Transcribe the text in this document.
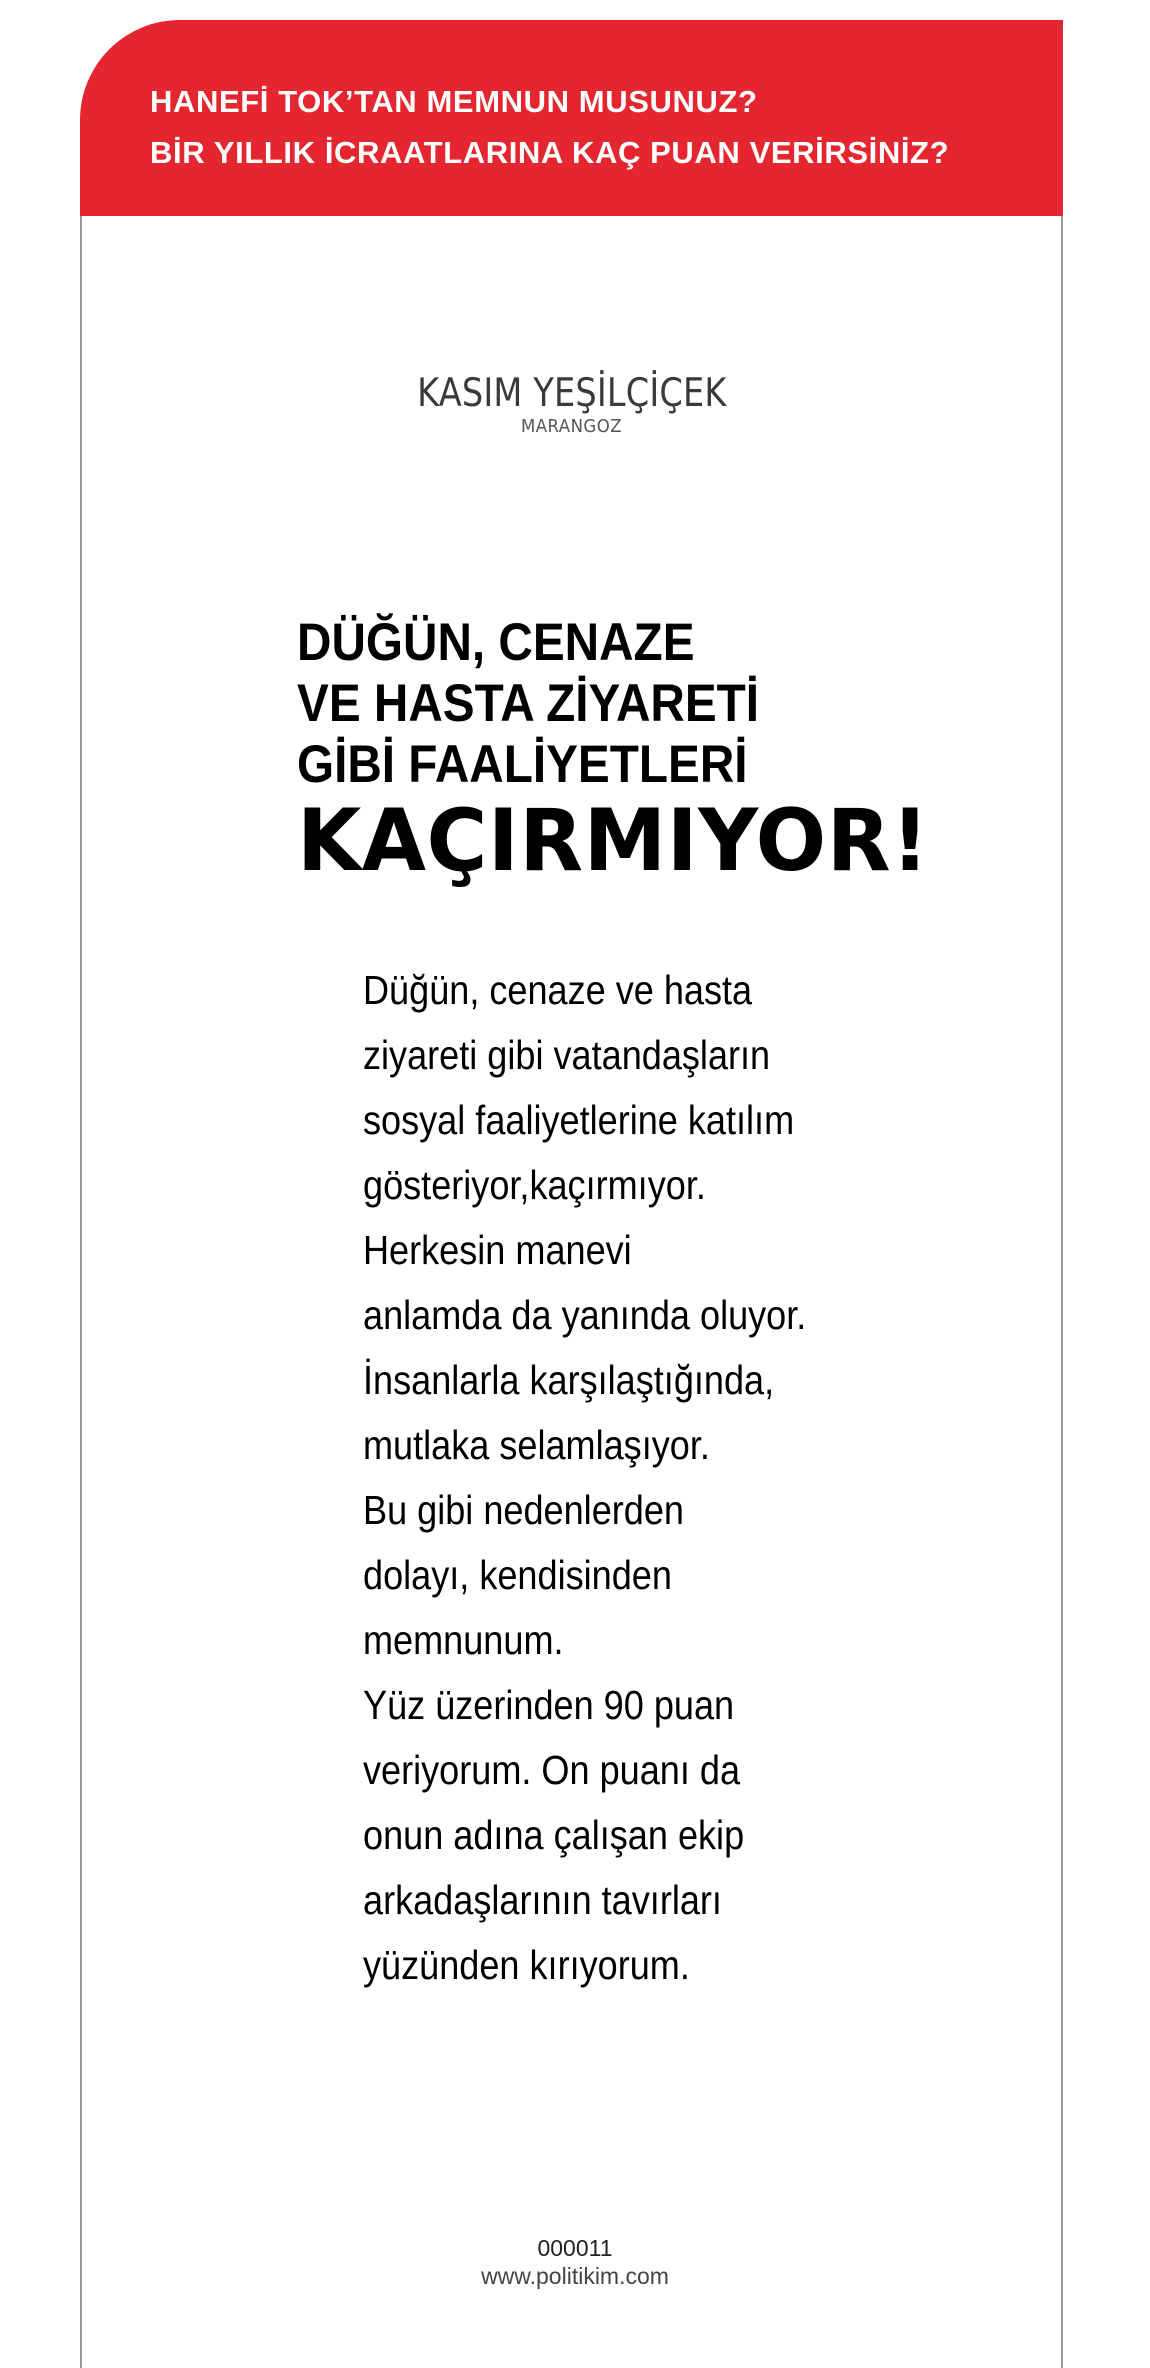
HANEFİ TOK’TAN MEMNUN MUSUNUZ?
BİR YILLIK İCRAATLARINA KAÇ PUAN VERİRSİNİZ?
KASIM YEŞİLÇİÇEK
MARANGOZ
DÜĞÜN, CENAZE
VE HASTA ZİYARETİ
GİBİ FAALİYETLERİ
KAÇIRMIYOR!
Düğün, cenaze ve hasta
ziyareti gibi vatandaşların
sosyal faaliyetlerine katılım
gösteriyor,kaçırmıyor.
Herkesin manevi
anlamda da yanında oluyor.
İnsanlarla karşılaştığında,
mutlaka selamlaşıyor.
Bu gibi nedenlerden
dolayı, kendisinden
memnunum.
Yüz üzerinden 90 puan
veriyorum. On puanı da
onun adına çalışan ekip
arkadaşlarının tavırları
yüzünden kırıyorum.
000011
www.politikim.com
